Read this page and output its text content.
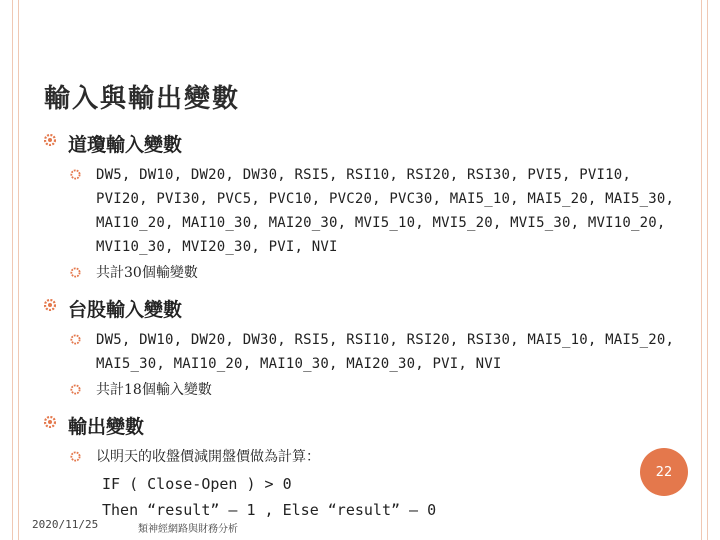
輸入與輸出變數
道瓊輸入變數
DW5, DW10, DW20, DW30, RSI5, RSI10, RSI20, RSI30, PVI5, PVI10, PVI20, PVI30, PVC5, PVC10, PVC20, PVC30, MAI5_10, MAI5_20, MAI5_30, MAI10_20, MAI10_30, MAI20_30, MVI5_10, MVI5_20, MVI5_30, MVI10_20, MVI10_30, MVI20_30, PVI, NVI
共計30個輸變數
台股輸入變數
DW5, DW10, DW20, DW30, RSI5, RSI10, RSI20, RSI30, MAI5_10, MAI5_20, MAI5_30, MAI10_20, MAI10_30, MAI20_30, PVI, NVI
共計18個輸入變數
輸出變數
以明天的收盤價減開盤價做為計算：
IF ( Close-Open ) > 0
Then “result” – 1 , Else “result” – 0
22
2020/11/25	類神經網路與財務分析
